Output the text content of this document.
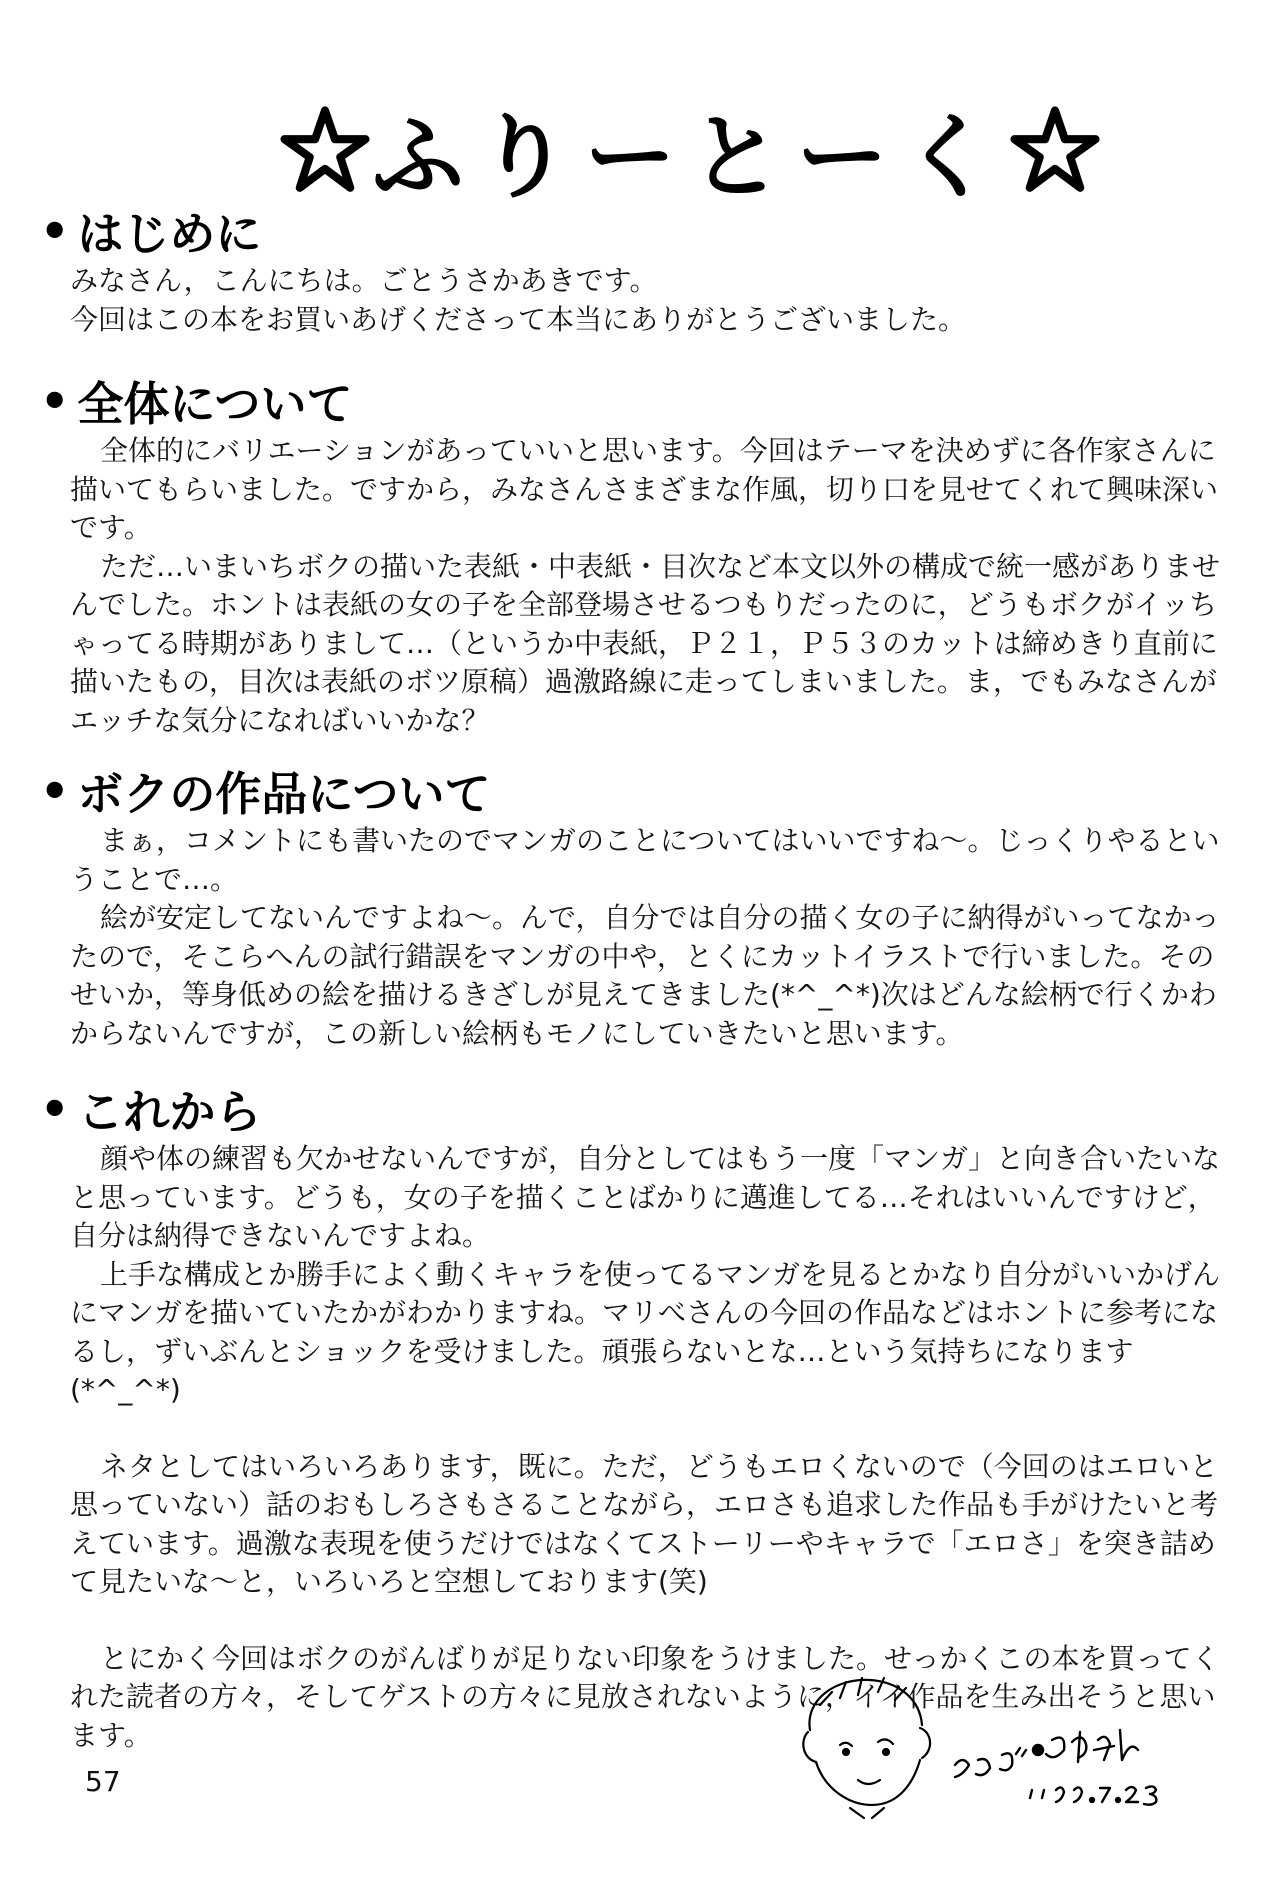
ふりーとーく
• はじめに

みなさん，こんにちは。ごとうさかあきです。

今回はこの本をお買いあげくださって本当にありがとうございました。

• 全体について

全体的にバリエーションがあっていいと思います。今回はテーマを決めずに各作家さんに描いてもらいました。ですから，みなさんさまざまな作風，切り口を見せてくれて興味深いです。

ただ…いまいちボクの描いた表紙・中表紙・目次など本文以外の構成で統一感がありませんでした。ホントは表紙の女の子を全部登場させるつもりだったのに，どうもボクがイッちゃってる時期がありまして…（というか中表紙，Ｐ２１，Ｐ５３のカットは締めきり直前に描いたもの，目次は表紙のボツ原稿）過激路線に走ってしまいました。ま，でもみなさんがエッチな気分になればいいかな？

• ボクの作品について

まぁ，コメントにも書いたのでマンガのことについてはいいですね～。じっくりやるということで…。

絵が安定してないんですよね～。んで，自分では自分の描く女の子に納得がいってなかったので，そこらへんの試行錯誤をマンガの中や，とくにカットイラストで行いました。そのせいか，等身低めの絵を描けるきざしが見えてきました(*^_^*)次はどんな絵柄で行くかわからないんですが，この新しい絵柄もモノにしていきたいと思います。

• これから

顔や体の練習も欠かせないんですが，自分としてはもう一度「マンガ」と向き合いたいなと思っています。どうも，女の子を描くことばかりに邁進してる…それはいいんですけど，自分は納得できないんですよね。

上手な構成とか勝手によく動くキャラを使ってるマンガを見るとかなり自分がいいかげんにマンガを描いていたかがわかりますね。マリべさんの今回の作品などはホントに参考になるし，ずいぶんとショックを受けました。頑張らないとな…という気持ちになります(*^_^*)

ネタとしてはいろいろあります，既に。ただ，どうもエロくないので（今回のはエロいと思っていない）話のおもしろさもさることながら，エロさも追求した作品も手がけたいと考えています。過激な表現を使うだけではなくてストーリーやキャラで「エロさ」を突き詰めて見たいな～と，いろいろと空想しております(笑)

とにかく今回はボクのがんばりが足りない印象をうけました。せっかくこの本を買ってくれた読者の方々，そしてゲストの方々に見放されないように，イイ作品を生み出そうと思います。

57
